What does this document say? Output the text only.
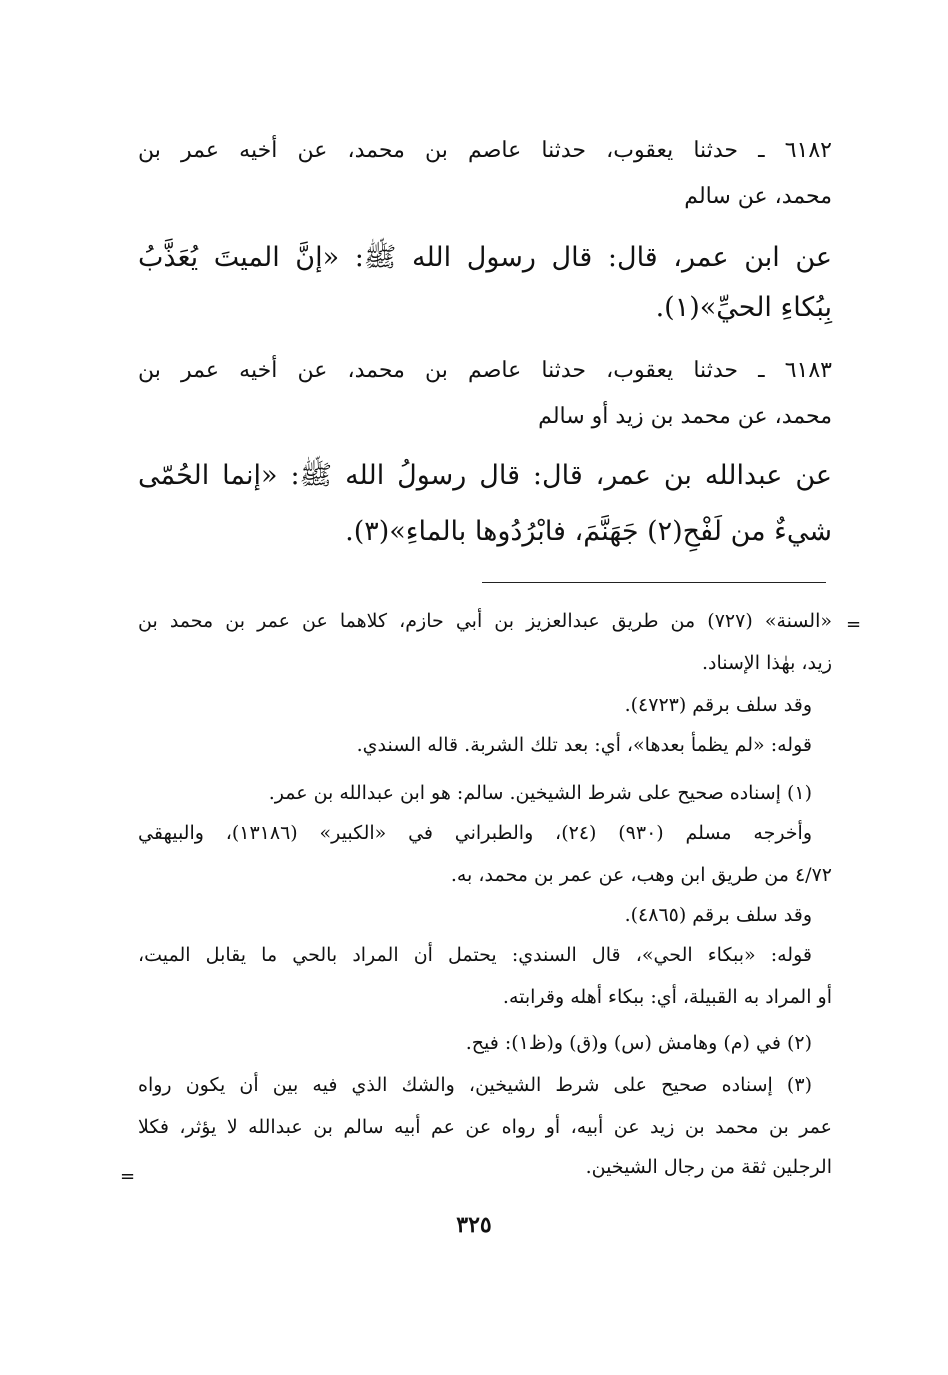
٦١٨٢ ـ حدثنا يعقوب، حدثنا عاصم بن محمد، عن أخيه عمر بن
محمد، عن سالم
عن ابن عمر، قال: قال رسول الله ﷺ: «إنَّ الميتَ يُعَذَّبُ
بِبُكاءِ الحيِّ»(١).
٦١٨٣ ـ حدثنا يعقوب، حدثنا عاصم بن محمد، عن أخيه عمر بن
محمد، عن محمد بن زيد أو سالم
عن عبدالله بن عمر، قال: قال رسولُ الله ﷺ: «إنما الحُمّى
شيءٌ من لَفْحِ(٢) جَهَنَّمَ، فابْرُدُوها بالماءِ»(٣).
=
«السنة» (٧٢٧) من طريق عبدالعزيز بن أبي حازم، كلاهما عن عمر بن محمد بن
زيد، بهٰذا الإسناد.
وقد سلف برقم (٤٧٢٣).
قوله: «لم يظمأ بعدها»، أي: بعد تلك الشربة. قاله السندي.
(١) إسناده صحيح على شرط الشيخين. سالم: هو ابن عبدالله بن عمر.
وأخرجه مسلم (٩٣٠) (٢٤)، والطبراني في «الكبير» (١٣١٨٦)، والبيهقي
٤/٧٢ من طريق ابن وهب، عن عمر بن محمد، به.
وقد سلف برقم (٤٨٦٥).
قوله: «ببكاء الحي»، قال السندي: يحتمل أن المراد بالحي ما يقابل الميت،
أو المراد به القبيلة، أي: ببكاء أهله وقرابته.
(٢) في (م) وهامش (س) و(ق) و(ظ١): فيح.
(٣) إسناده صحيح على شرط الشيخين، والشك الذي فيه بين أن يكون رواه
عمر بن محمد بن زيد عن أبيه، أو رواه عن عم أبيه سالم بن عبدالله لا يؤثر، فكلا
الرجلين ثقة من رجال الشيخين.
=
٣٢٥
